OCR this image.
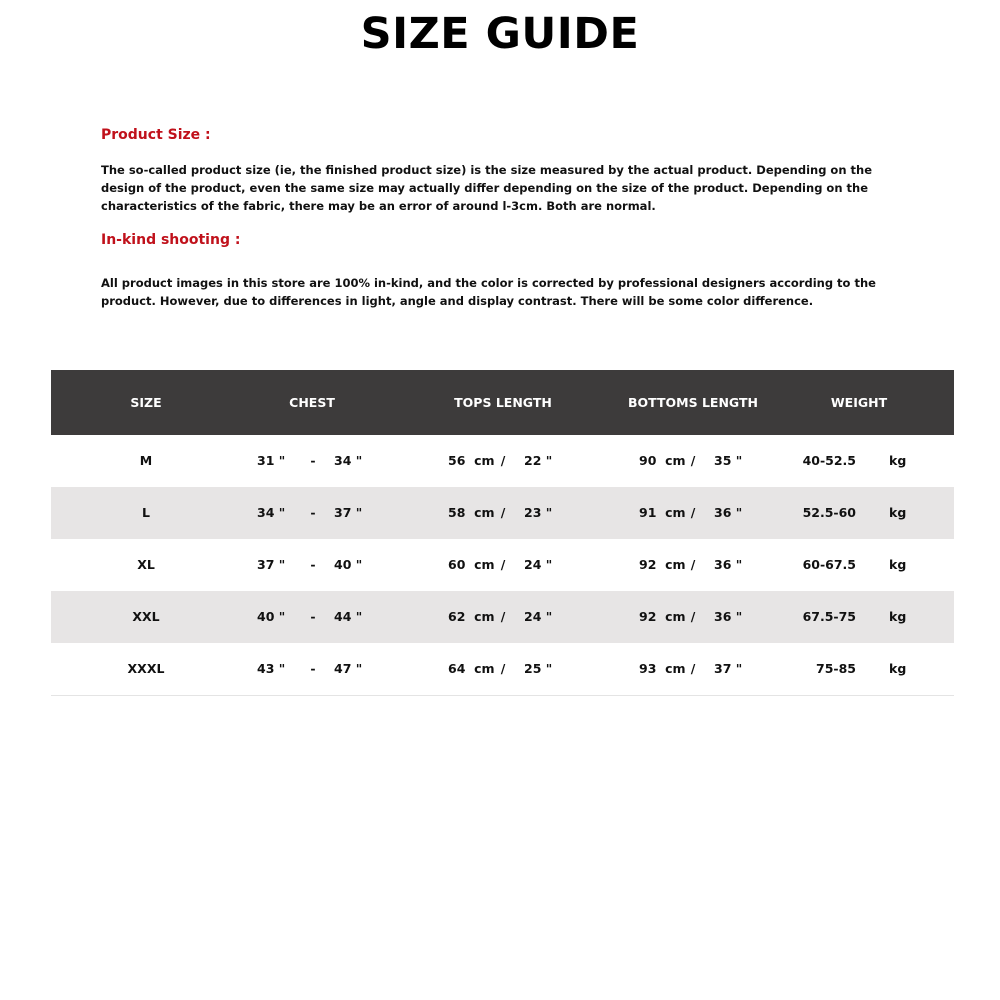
SIZE GUIDE
Product Size :
The so-called product size (ie, the finished product size) is the size measured by the actual product. Depending on the design of the product, even the same size may actually differ depending on the size of the product. Depending on the characteristics of the fabric, there may be an error of around l-3cm. Both are normal.
In-kind shooting :
All product images in this store are 100% in-kind, and the color is corrected by professional designers according to the product. However, due to differences in light, angle and display contrast. There will be some color difference.
SIZE	CHEST	TOPS LENGTH	BOTTOMS LENGTH	WEIGHT
M	31 "	-	34 "	56  cm / 22 "	90  cm / 35 "	40-52.5	kg
L	34 "	-	37 "	58  cm / 23 "	91  cm / 36 "	52.5-60	kg
XL	37 "	-	40 "	60  cm / 24 "	92  cm / 36 "	60-67.5	kg
XXL	40 "	-	44 "	62  cm / 24 "	92  cm / 36 "	67.5-75	kg
XXXL	43 "	-	47 "	64  cm / 25 "	93  cm / 37 "	75-85	kg
